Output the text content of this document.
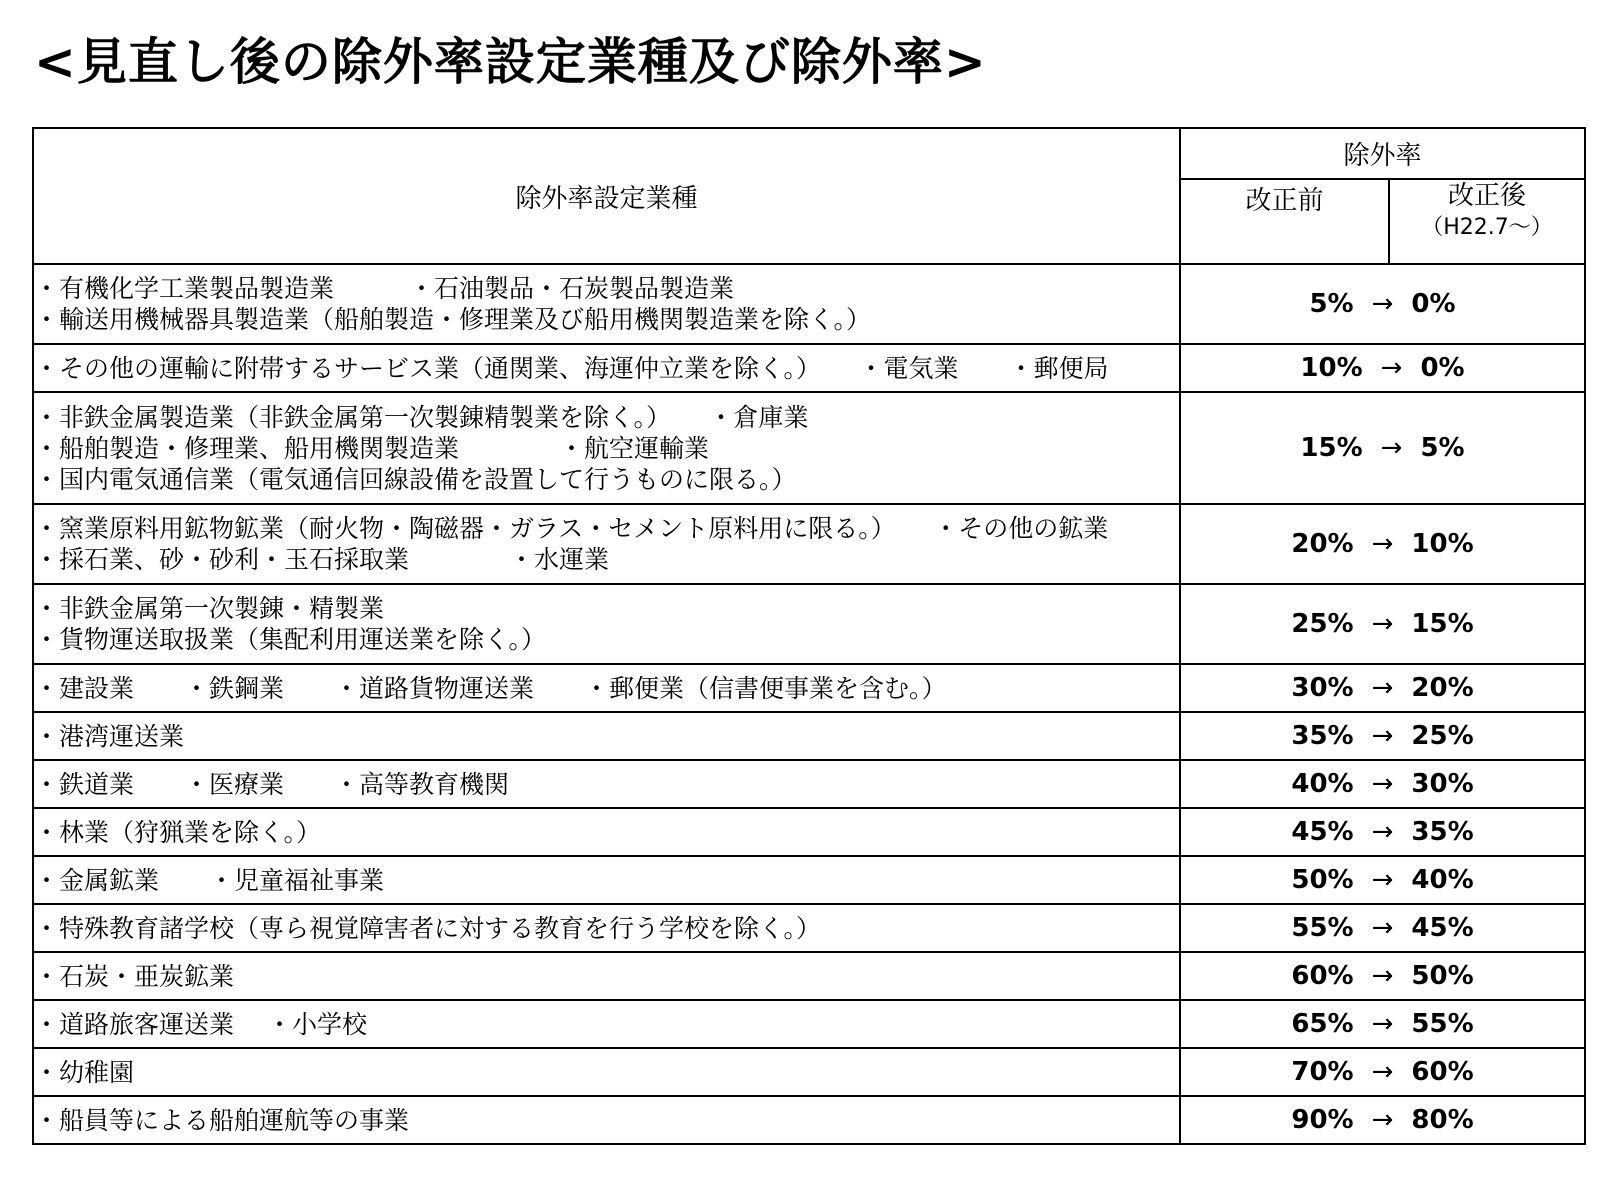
<見直し後の除外率設定業種及び除外率>
除外率設定業種	除外率	
	改正前	改正後
（H22.7～）

・有機化学工業製品製造業　　　・石油製品・石炭製品製造業
・輸送用機械器具製造業（船舶製造・修理業及び船用機関製造業を除く。）	5% → 0%	

・その他の運輸に附帯するサービス業（通関業、海運仲立業を除く。）　　・電気業　　・郵便局	10% → 0%	

・非鉄金属製造業（非鉄金属第一次製錬精製業を除く。）　　・倉庫業
・船舶製造・修理業、船用機関製造業　　　　・航空運輸業
・国内電気通信業（電気通信回線設備を設置して行うものに限る。）	15% → 5%	

・窯業原料用鉱物鉱業（耐火物・陶磁器・ガラス・セメント原料用に限る。）　　・その他の鉱業
・採石業、砂・砂利・玉石採取業　　　　・水運業	20% → 10%	

・非鉄金属第一次製錬・精製業
・貨物運送取扱業（集配利用運送業を除く。）	25% → 15%	

・建設業　　・鉄鋼業　　・道路貨物運送業　　・郵便業（信書便事業を含む。）	30% → 20%	

・港湾運送業	35% → 25%	

・鉄道業　　・医療業　　・高等教育機関	40% → 30%	

・林業（狩猟業を除く。）	45% → 35%	

・金属鉱業　　・児童福祉事業	50% → 40%	

・特殊教育諸学校（専ら視覚障害者に対する教育を行う学校を除く。）	55% → 45%	

・石炭・亜炭鉱業	60% → 50%	

・道路旅客運送業　 ・小学校	65% → 55%	

・幼稚園	70% → 60%	

・船員等による船舶運航等の事業	90% → 80%	
